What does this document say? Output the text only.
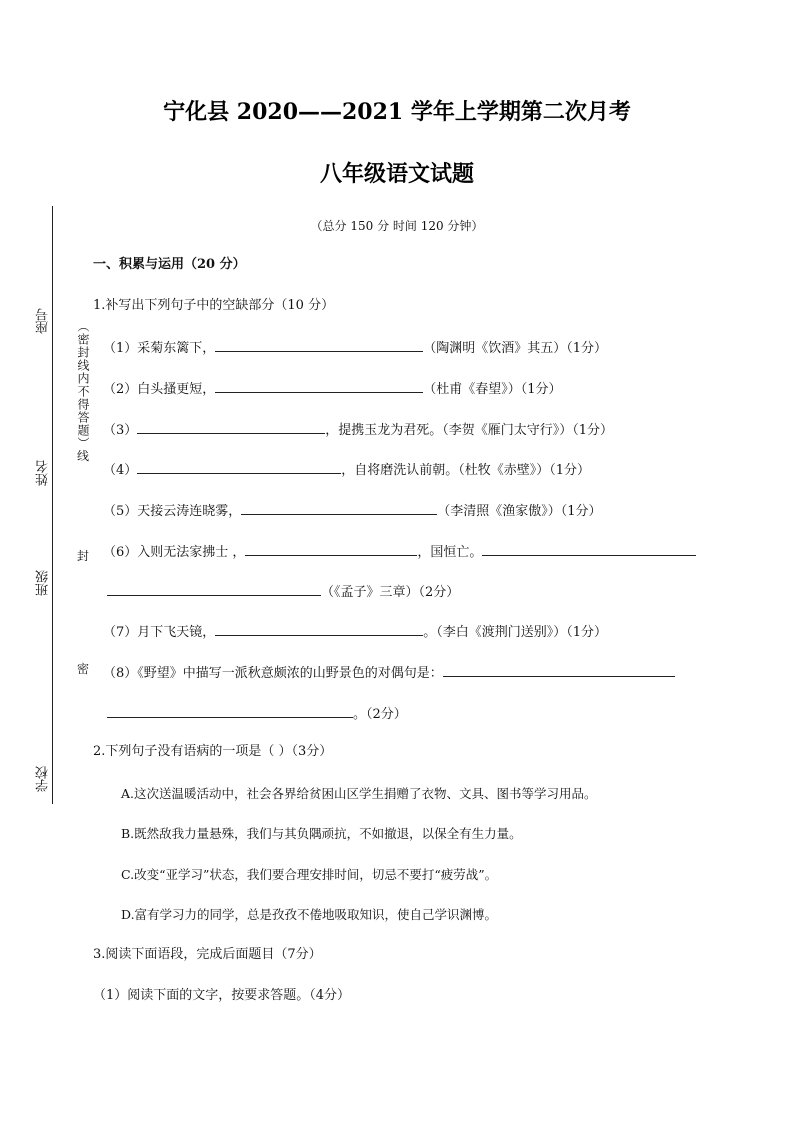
宁化县 2020——2021 学年上学期第二次月考
八年级语文试题
（总分 150 分 时间 120 分钟）
座号
姓名
班级
学校
（密封线内不得答题）
线
封
密
一、积累与运用（20 分）
1.补写出下列句子中的空缺部分（10 分）
（1）采菊东篱下，	（陶渊明《饮酒》其五）（1分）
（2）白头搔更短，	（杜甫《春望》）（1分）
（3）	，提携玉龙为君死。（李贺《雁门太守行》）（1分）
（4）	，自将磨洗认前朝。（杜牧《赤壁》）（1分）
（5）天接云涛连晓雾，	（李清照《渔家傲》）（1分）
（6）入则无法家拂士 ，	，国恒亡。
（《孟子》三章）（2分）
（7）月下飞天镜，	。（李白《渡荆门送别》）（1分）
（8）《野望》中描写一派秋意颇浓的山野景色的对偶句是：
。（2分）
2.下列句子没有语病的一项是（ ）（3分）
A.这次送温暖活动中，社会各界给贫困山区学生捐赠了衣物、文具、图书等学习用品。
B.既然敌我力量悬殊，我们与其负隅顽抗，不如撤退，以保全有生力量。
C.改变“亚学习”状态，我们要合理安排时间，切忌不要打“疲劳战”。
D.富有学习力的同学，总是孜孜不倦地吸取知识，使自己学识渊博。
3.阅读下面语段，完成后面题目（7分）
（1）阅读下面的文字，按要求答题。（4分）
